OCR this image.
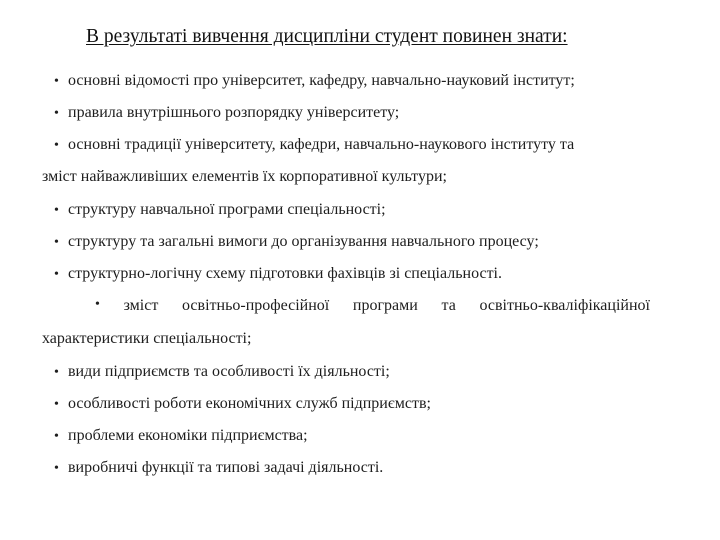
В результаті вивчення дисципліни студент повинен знати:
• основні відомості про університет, кафедру, навчально-науковий інститут;
• правила внутрішнього розпорядку університету;
• основні традиції університету, кафедри, навчально-наукового інституту та
зміст найважливіших елементів їх корпоративної культури;
• структуру навчальної програми спеціальності;
• структуру та загальні вимоги до організування навчального процесу;
• структурно-логічну схему підготовки фахівців зі спеціальності.
• зміст освітньо-професійної програми та освітньо-кваліфікаційної
характеристики спеціальності;
• види підприємств та особливості їх діяльності;
• особливості роботи економічних служб підприємств;
• проблеми економіки підприємства;
• виробничі функції та типові задачі діяльності.
